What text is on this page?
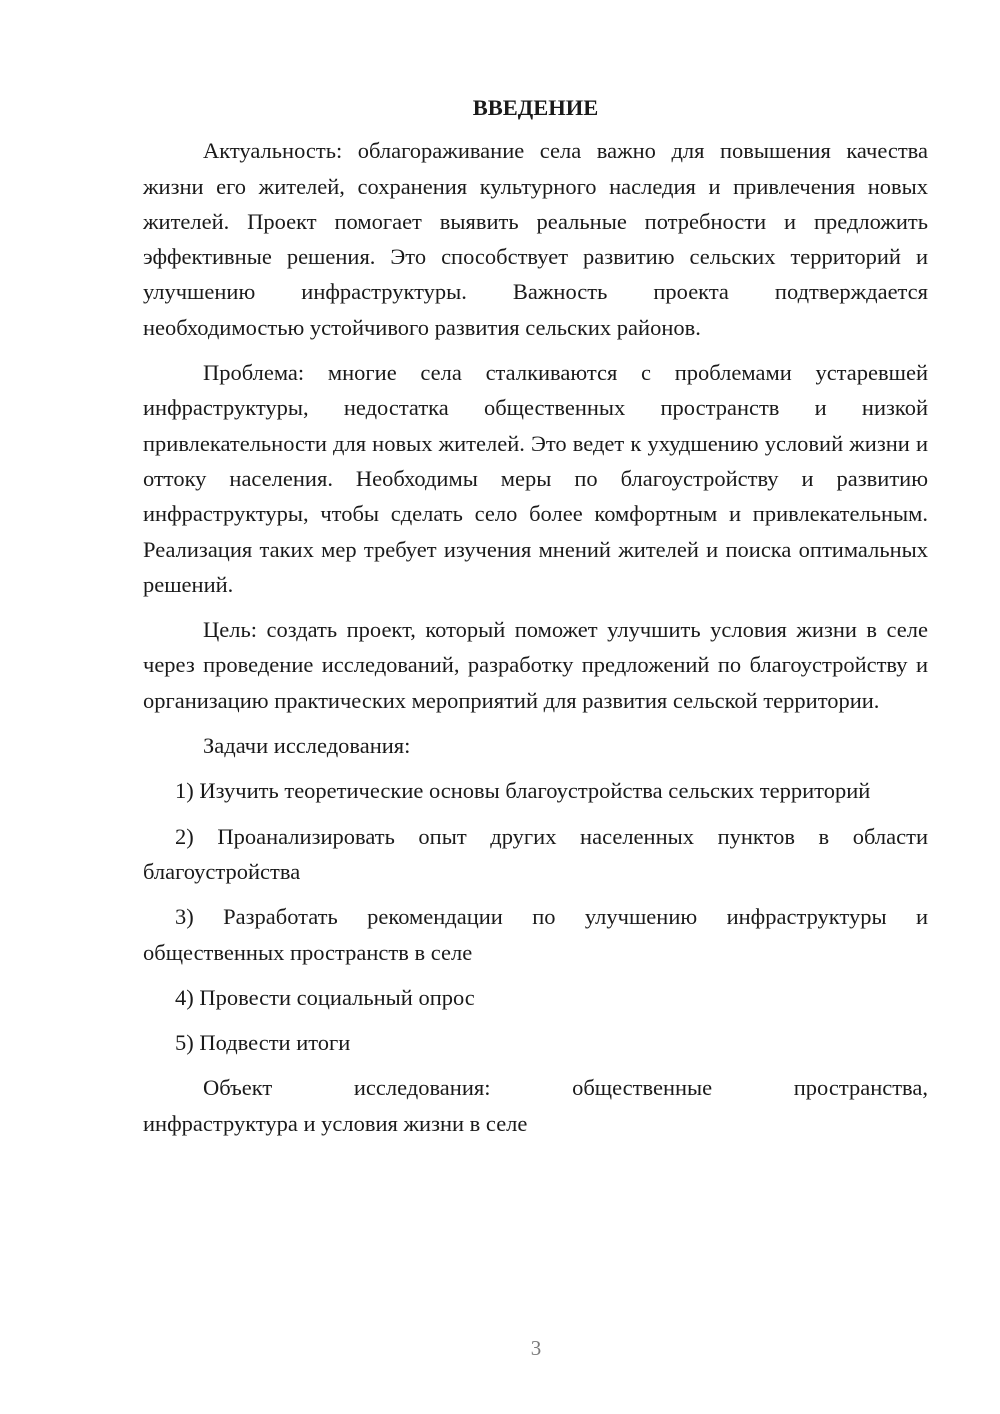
ВВЕДЕНИЕ

Актуальность: облагораживание села важно для повышения качества жизни его жителей, сохранения культурного наследия и привлечения новых жителей. Проект помогает выявить реальные потребности и предложить эффективные решения. Это способствует развитию сельских территорий и улучшению инфраструктуры. Важность проекта подтверждается необходимостью устойчивого развития сельских районов.

Проблема: многие села сталкиваются с проблемами устаревшей инфраструктуры, недостатка общественных пространств и низкой привлекательности для новых жителей. Это ведет к ухудшению условий жизни и оттоку населения. Необходимы меры по благоустройству и развитию инфраструктуры, чтобы сделать село более комфортным и привлекательным. Реализация таких мер требует изучения мнений жителей и поиска оптимальных решений.

Цель: создать проект, который поможет улучшить условия жизни в селе через проведение исследований, разработку предложений по благоустройству и организацию практических мероприятий для развития сельской территории.

Задачи исследования:

1) Изучить теоретические основы благоустройства сельских территорий

2) Проанализировать опыт других населенных пунктов в области благоустройства

3) Разработать рекомендации по улучшению инфраструктуры и общественных пространств в селе

4) Провести социальный опрос

5) Подвести итоги

Объект исследования: общественные пространства,

инфраструктура и условия жизни в селе

3
